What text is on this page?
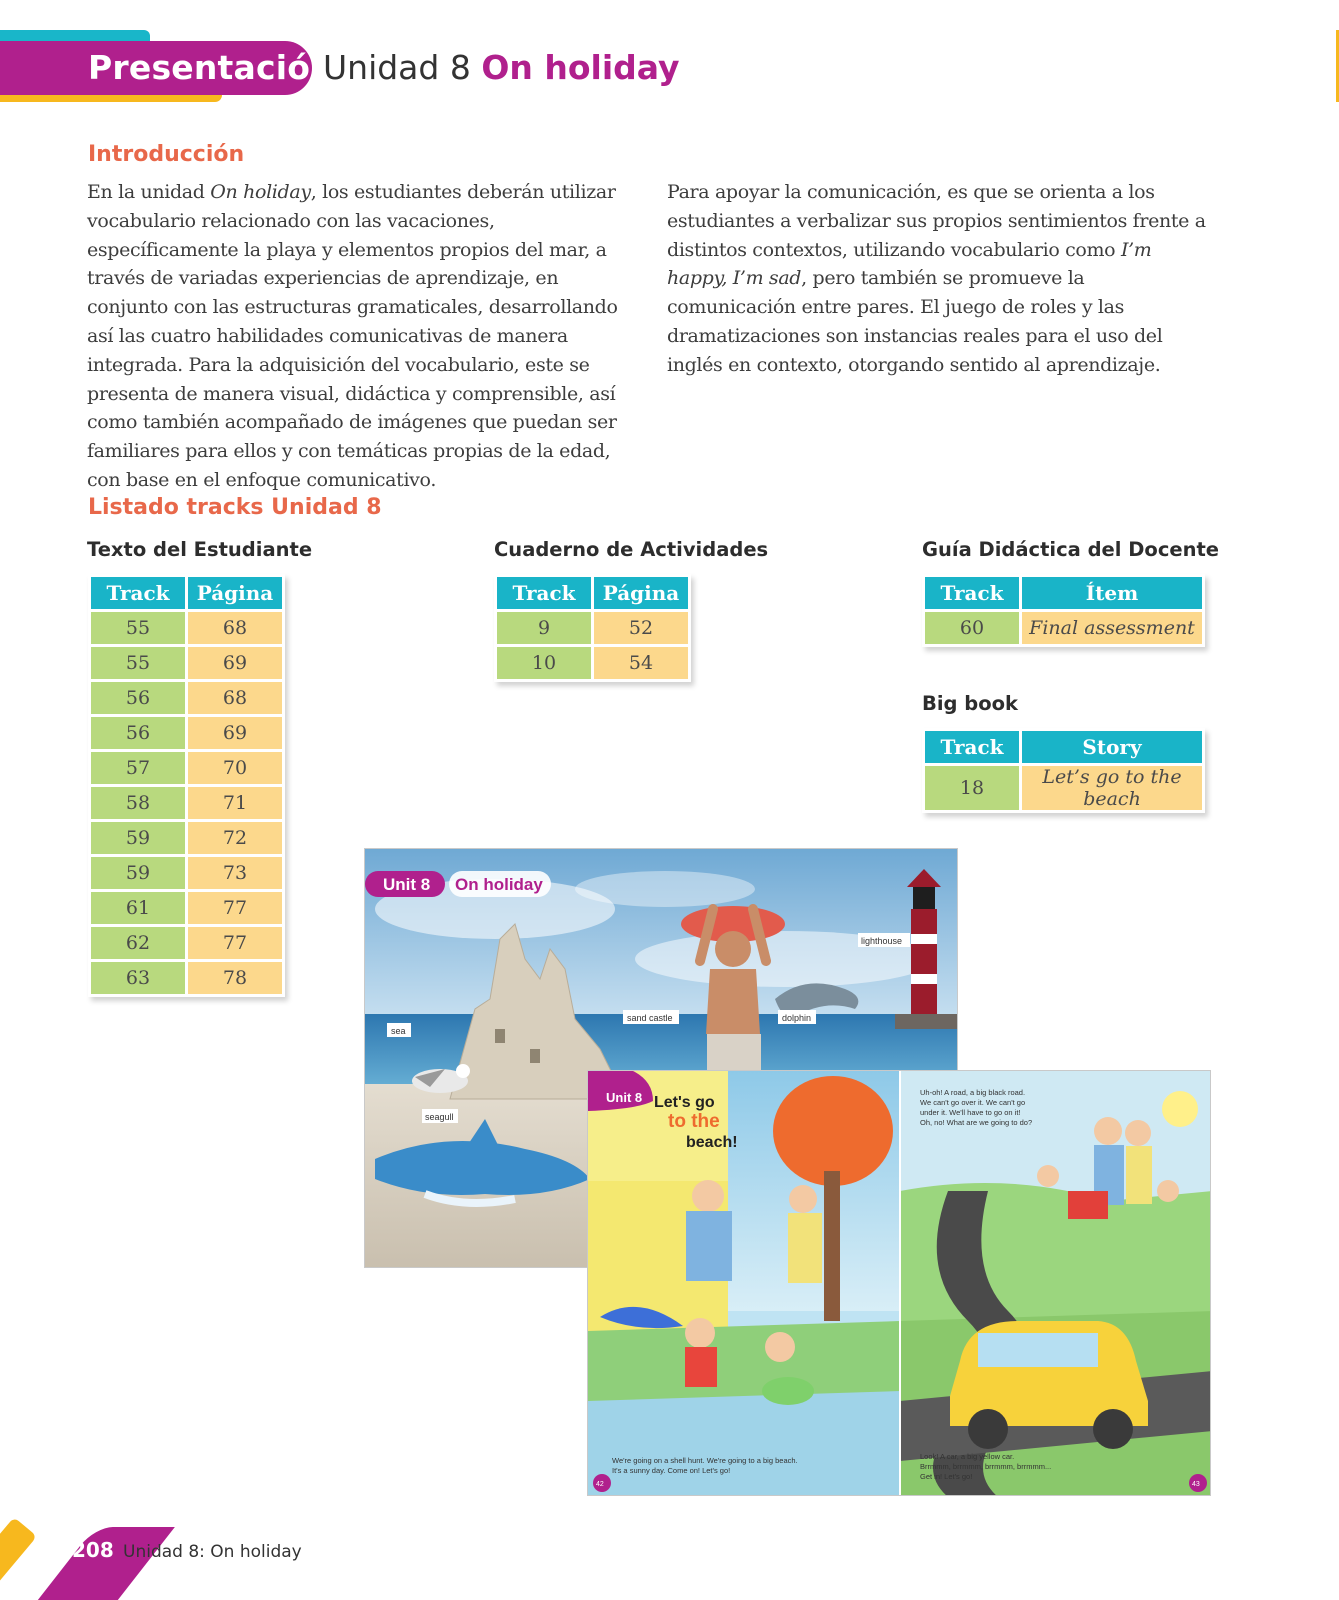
Presentación
Unidad 8 On holiday
Introducción

En la unidad On holiday, los estudiantes deberán utilizar vocabulario relacionado con las vacaciones, específicamente la playa y elementos propios del mar, a través de variadas experiencias de aprendizaje, en conjunto con las estructuras gramaticales, desarrollando así las cuatro habilidades comunicativas de manera integrada. Para la adquisición del vocabulario, este se presenta de manera visual, didáctica y comprensible, así como también acompañado de imágenes que puedan ser familiares para ellos y con temáticas propias de la edad, con base en el enfoque comunicativo.

Para apoyar la comunicación, es que se orienta a los estudiantes a verbalizar sus propios sentimientos frente a distintos contextos, utilizando vocabulario como I’m happy, I’m sad, pero también se promueve la comunicación entre pares. El juego de roles y las dramatizaciones son instancias reales para el uso del inglés en contexto, otorgando sentido al aprendizaje.

Listado tracks Unidad 8
Texto del Estudiante
Track	Página
55	68
55	69
56	68
56	69
57	70
58	71
59	72
59	73
61	77
62	77
63	78
Cuaderno de Actividades
Track	Página
9	52
10	54
Guía Didáctica del Docente
Track	Ítem
60	Final assessment
Big book
Track	Story
18	Let’s go to the beach
Unit 8 On holiday
lighthouse
sand castle	dolphin
sea
seagull
Unit 8 Let's go
to the
beach!
We're going on a shell hunt. We're going to a big beach.
It's a sunny day. Come on! Let's go!
Uh-oh! A road, a big black road.
We can't go over it. We can't go
under it. We'll have to go on it!
Oh, no! What are we going to do?
Look! A car, a big yellow car.
Brrmmm, brrmmm, brrmmm, brrmmm...
Get in! Let's go!
42	43
208 Unidad 8: On holiday
